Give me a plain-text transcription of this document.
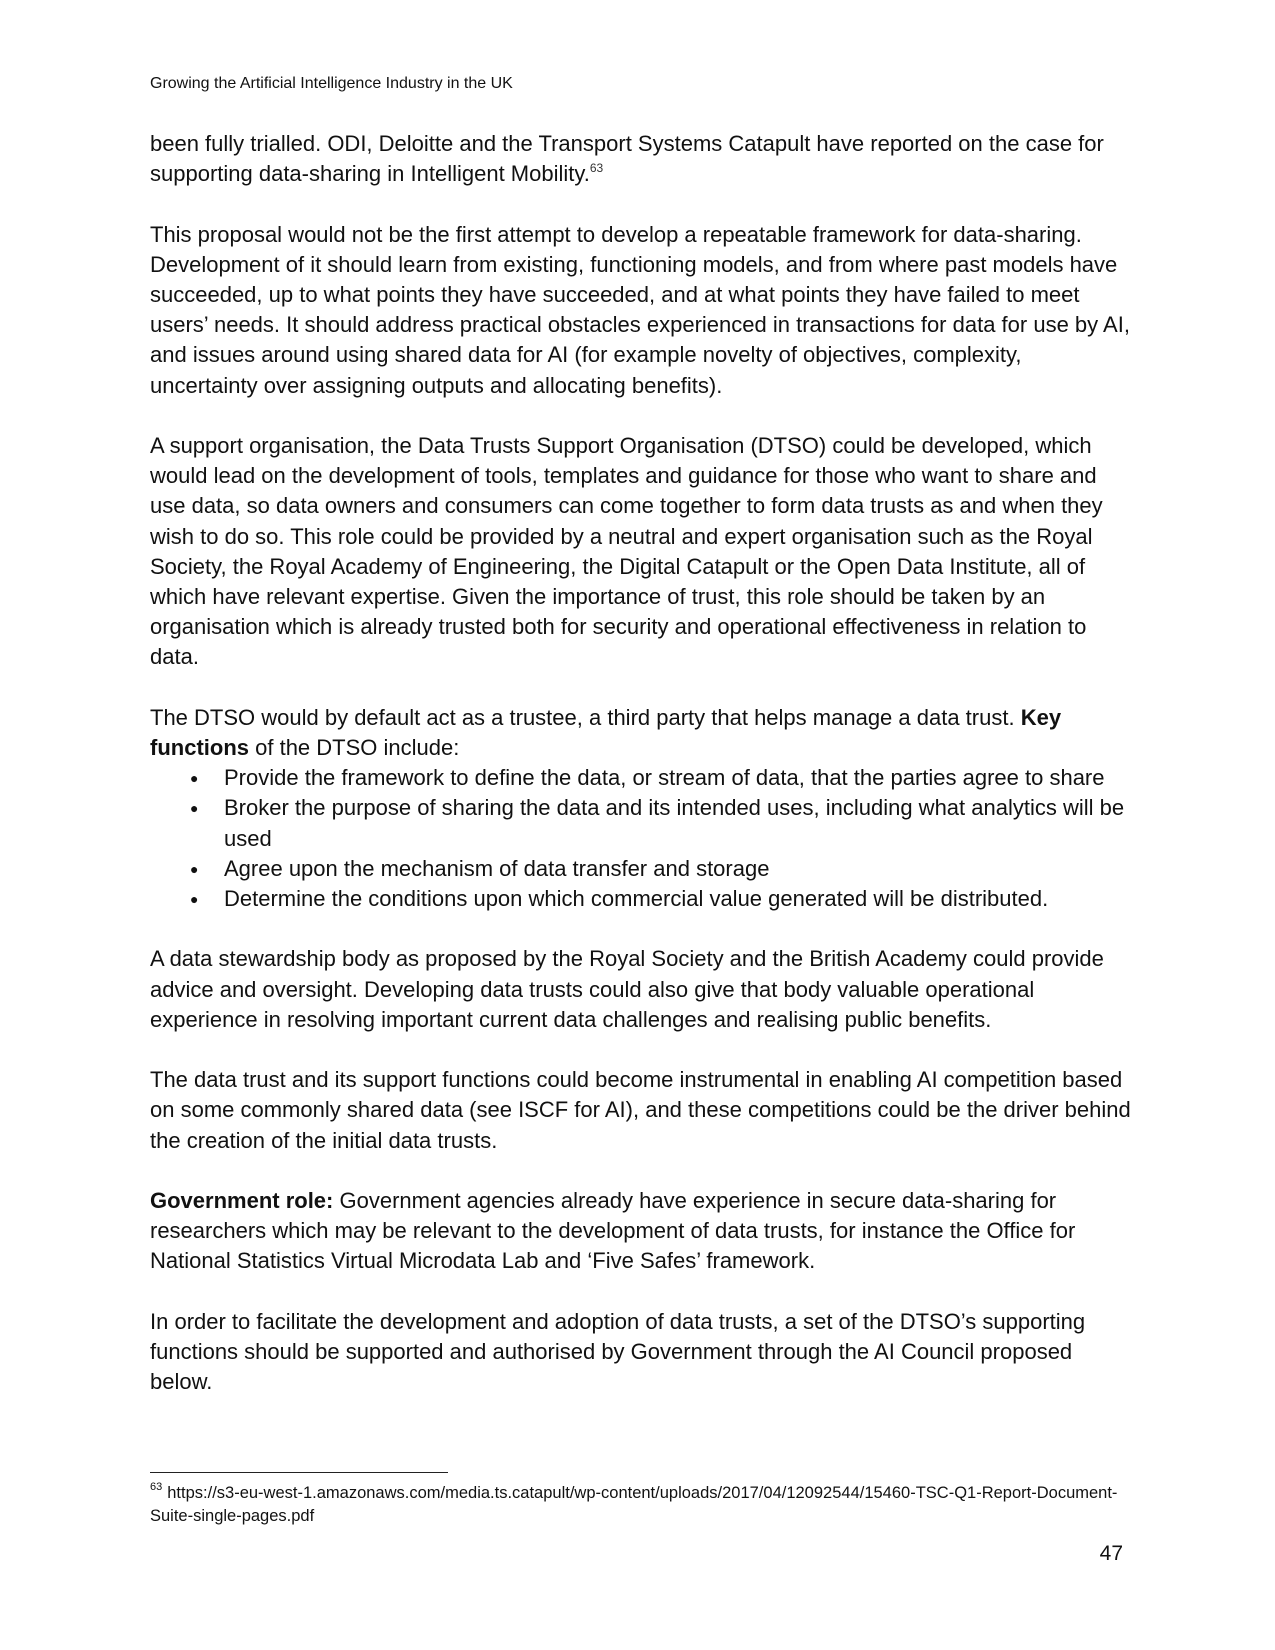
Growing the Artificial Intelligence Industry in the UK

been fully trialled. ODI, Deloitte and the Transport Systems Catapult have reported on the case for supporting data-sharing in Intelligent Mobility.$^{63}$

This proposal would not be the first attempt to develop a repeatable framework for data-sharing. Development of it should learn from existing, functioning models, and from where past models have succeeded, up to what points they have succeeded, and at what points they have failed to meet users’ needs. It should address practical obstacles experienced in transactions for data for use by AI, and issues around using shared data for AI (for example novelty of objectives, complexity, uncertainty over assigning outputs and allocating benefits).

A support organisation, the Data Trusts Support Organisation (DTSO) could be developed, which would lead on the development of tools, templates and guidance for those who want to share and use data, so data owners and consumers can come together to form data trusts as and when they wish to do so. This role could be provided by a neutral and expert organisation such as the Royal Society, the Royal Academy of Engineering, the Digital Catapult or the Open Data Institute, all of which have relevant expertise. Given the importance of trust, this role should be taken by an organisation which is already trusted both for security and operational effectiveness in relation to data.

The DTSO would by default act as a trustee, a third party that helps manage a data trust. Key functions of the DTSO include:

● Provide the framework to define the data, or stream of data, that the parties agree to share
● Broker the purpose of sharing the data and its intended uses, including what analytics will be used
● Agree upon the mechanism of data transfer and storage
● Determine the conditions upon which commercial value generated will be distributed.

A data stewardship body as proposed by the Royal Society and the British Academy could provide advice and oversight. Developing data trusts could also give that body valuable operational experience in resolving important current data challenges and realising public benefits.

The data trust and its support functions could become instrumental in enabling AI competition based on some commonly shared data (see ISCF for AI), and these competitions could be the driver behind the creation of the initial data trusts.

Government role: Government agencies already have experience in secure data-sharing for researchers which may be relevant to the development of data trusts, for instance the Office for National Statistics Virtual Microdata Lab and ‘Five Safes’ framework.

In order to facilitate the development and adoption of data trusts, a set of the DTSO’s supporting functions should be supported and authorised by Government through the AI Council proposed below.

$^{63}$ https://s3-eu-west-1.amazonaws.com/media.ts.catapult/wp-content/uploads/2017/04/12092544/15460-TSC-Q1-Report-Document-Suite-single-pages.pdf
47
